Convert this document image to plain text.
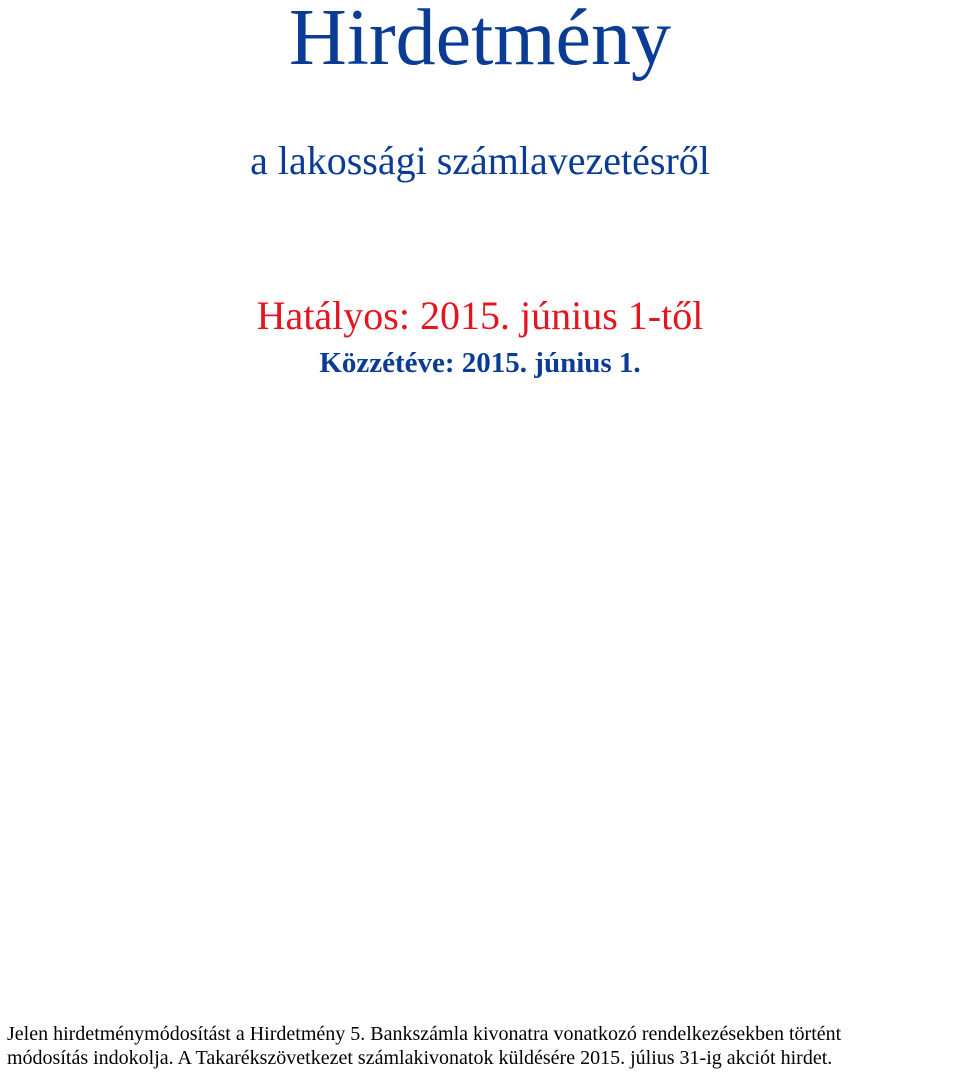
Hirdetmény
a lakossági számlavezetésről
Hatályos: 2015. június 1-től
Közzétéve: 2015. június 1.
Jelen hirdetménymódosítást a Hirdetmény 5. Bankszámla kivonatra vonatkozó rendelkezésekben történt
módosítás indokolja. A Takarékszövetkezet számlakivonatok küldésére 2015. július 31-ig akciót hirdet.
